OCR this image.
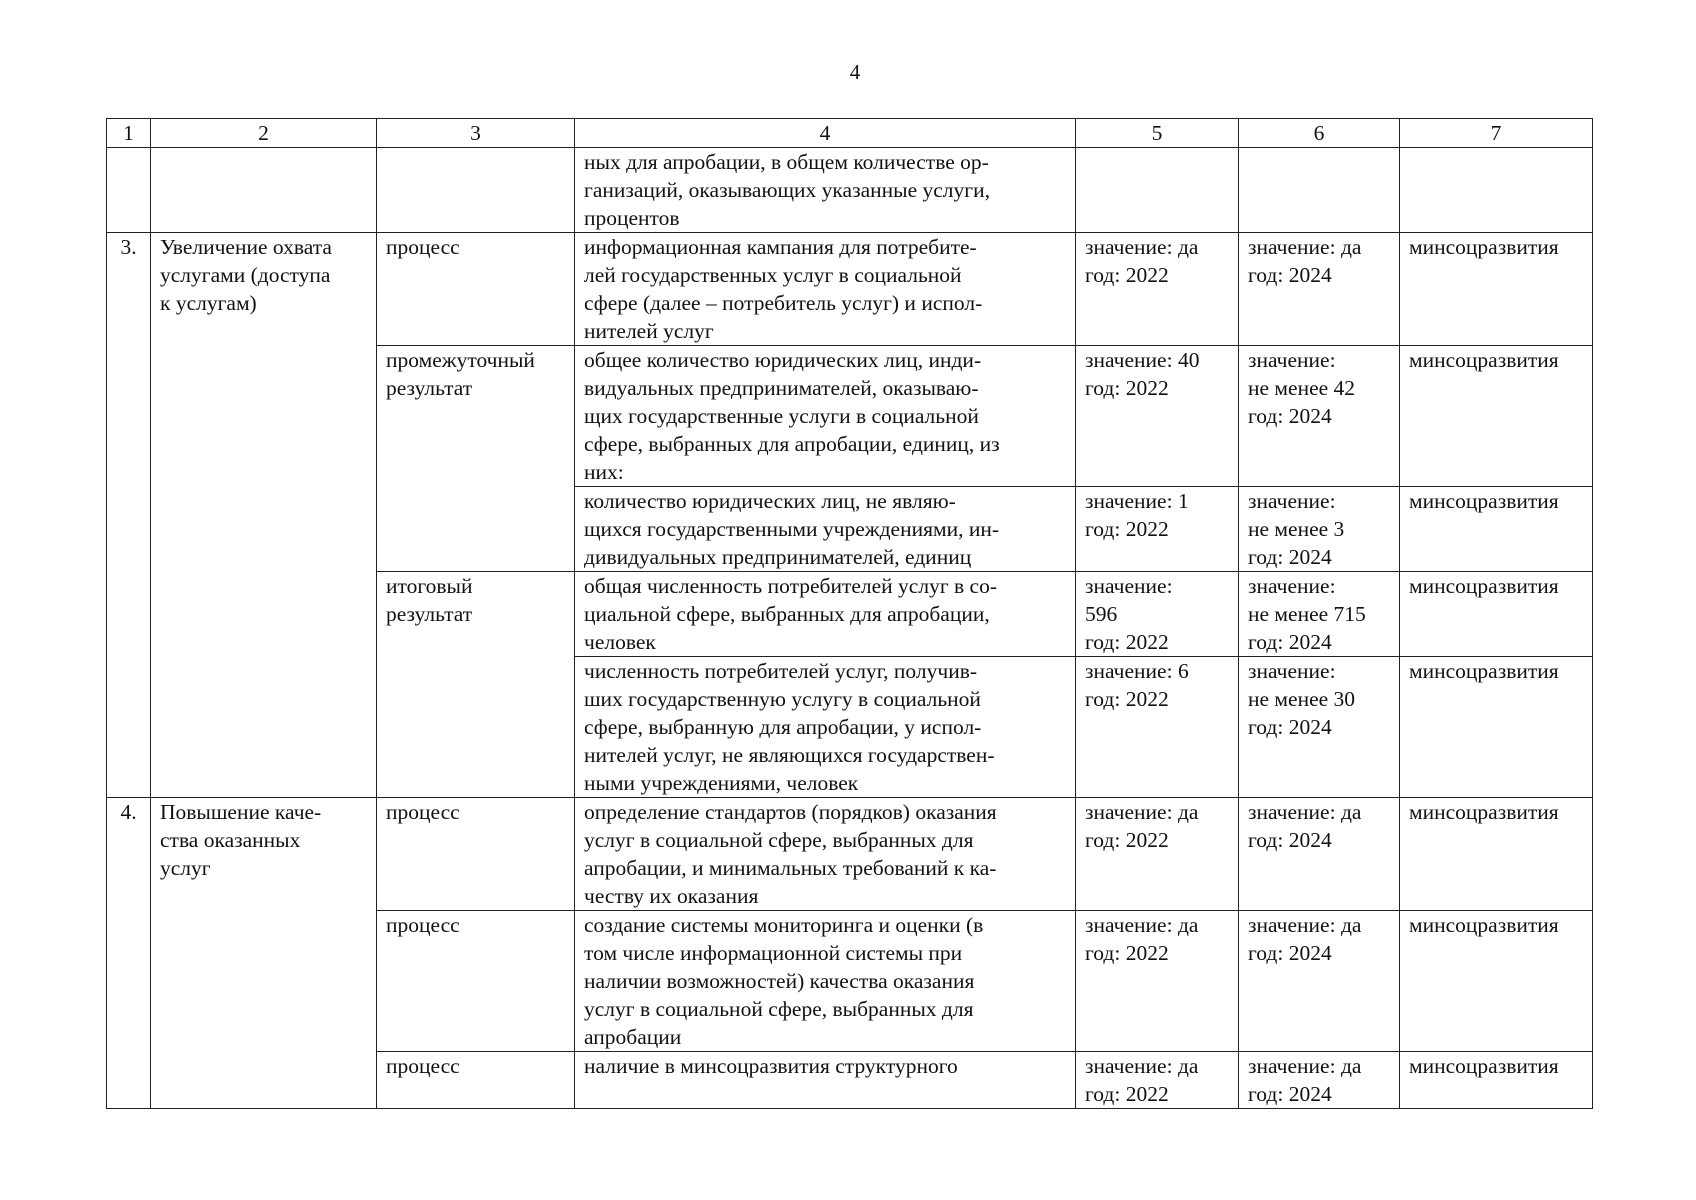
4
1	2	3	4	5	6	7

			ных для апробации, в общем количестве ор-
ганизаций, оказывающих указанные услуги,
процентов			

3.	Увеличение охвата
услугами (доступа
к услугам)	процесс	информационная кампания для потребите-
лей государственных услуг в социальной
сфере (далее – потребитель услуг) и испол-
нителей услуг	значение: да
год: 2022	значение: да
год: 2024	минсоцразвития

		промежуточный
результат	общее количество юридических лиц, инди-
видуальных предпринимателей, оказываю-
щих государственные услуги в социальной
сфере, выбранных для апробации, единиц, из
них:	значение: 40
год: 2022	значение:
не менее 42
год: 2024	минсоцразвития

			количество юридических лиц, не являю-
щихся государственными учреждениями, ин-
дивидуальных предпринимателей, единиц	значение: 1
год: 2022	значение:
не менее 3
год: 2024	минсоцразвития

		итоговый
результат	общая численность потребителей услуг в со-
циальной сфере, выбранных для апробации,
человек	значение:
596
год: 2022	значение:
не менее 715
год: 2024	минсоцразвития

			численность потребителей услуг, получив-
ших государственную услугу в социальной
сфере, выбранную для апробации, у испол-
нителей услуг, не являющихся государствен-
ными учреждениями, человек	значение: 6
год: 2022	значение:
не менее 30
год: 2024	минсоцразвития

4.	Повышение каче-
ства оказанных
услуг	процесс	определение стандартов (порядков) оказания
услуг в социальной сфере, выбранных для
апробации, и минимальных требований к ка-
честву их оказания	значение: да
год: 2022	значение: да
год: 2024	минсоцразвития

		процесс	создание системы мониторинга и оценки (в
том числе информационной системы при
наличии возможностей) качества оказания
услуг в социальной сфере, выбранных для
апробации	значение: да
год: 2022	значение: да
год: 2024	минсоцразвития

		процесс	наличие в минсоцразвития структурного	значение: да
год: 2022	значение: да
год: 2024	минсоцразвития
